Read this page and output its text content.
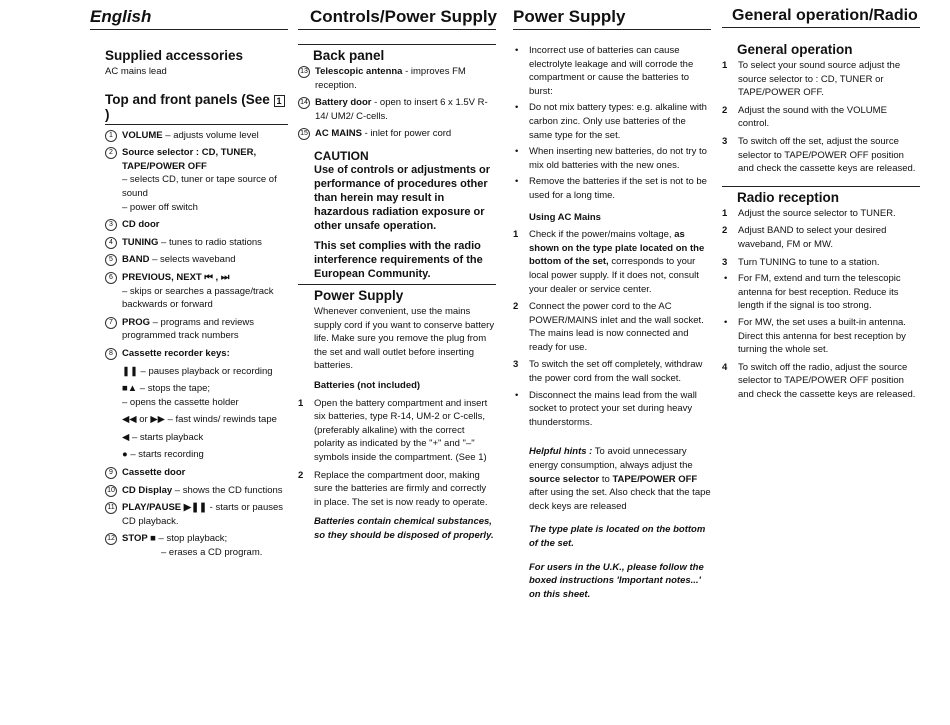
English
Supplied accessories
AC mains lead
Top and front panels (See 1)
1 VOLUME – adjusts volume level
2 Source selector : CD, TUNER, TAPE/POWER OFF
– selects CD, tuner or tape source of sound
– power off switch
3 CD door
4 TUNING – tunes to radio stations
5 BAND – selects waveband
6 PREVIOUS, NEXT ⏮ , ⏭
– skips or searches a passage/track backwards or forward
7 PROG – programs and reviews programmed track numbers
8 Cassette recorder keys:
❚❚ – pauses playback or recording
■▲ – stops the tape;
– opens the cassette holder
◀◀ or ▶▶ – fast winds/ rewinds tape
◀ – starts playback
● – starts recording
9 Cassette door
10 CD Display – shows the CD functions
11 PLAY/PAUSE ▶❚❚ - starts or pauses CD playback.
12 STOP ■ – stop playback;
– erases a CD program.
Controls/Power Supply
Back panel
13 Telescopic antenna - improves FM reception.
14 Battery door - open to insert 6 x 1.5V R-14/ UM2/ C-cells.
15 AC MAINS - inlet for power cord
CAUTION
Use of controls or adjustments or performance of procedures other than herein may result in hazardous radiation exposure or other unsafe operation.
This set complies with the radio interference requirements of the European Community.
Power Supply
Whenever convenient, use the mains supply cord if you want to conserve battery life. Make sure you remove the plug from the set and wall outlet before inserting batteries.
Batteries (not included)
1 Open the battery compartment and insert six batteries, type R-14, UM-2 or C-cells, (preferably alkaline) with the correct polarity as indicated by the "+" and "–" symbols inside the compartment. (See 1)
2 Replace the compartment door, making sure the batteries are firmly and correctly in place. The set is now ready to operate.
Batteries contain chemical substances, so they should be disposed of properly.
Power Supply
• Incorrect use of batteries can cause electrolyte leakage and will corrode the compartment or cause the batteries to burst:
• Do not mix battery types: e.g. alkaline with carbon zinc. Only use batteries of the same type for the set.
• When inserting new batteries, do not try to mix old batteries with the new ones.
• Remove the batteries if the set is not to be used for a long time.
Using AC Mains
1 Check if the power/mains voltage, as shown on the type plate located on the bottom of the set, corresponds to your local power supply. If it does not, consult your dealer or service center.
2 Connect the power cord to the AC POWER/MAINS inlet and the wall socket. The mains lead is now connected and ready for use.
3 To switch the set off completely, withdraw the power cord from the wall socket.
• Disconnect the mains lead from the wall socket to protect your set during heavy thunderstorms.
Helpful hints : To avoid unnecessary energy consumption, always adjust the source selector to TAPE/POWER OFF after using the set. Also check that the tape deck keys are released
The type plate is located on the bottom of the set.
For users in the U.K., please follow the boxed instructions 'Important notes...' on this sheet.
General operation/Radio
General operation
1 To select your sound source adjust the source selector to : CD, TUNER or TAPE/POWER OFF.
2 Adjust the sound with the VOLUME control.
3 To switch off the set, adjust the source selector to TAPE/POWER OFF position and check the cassette keys are released.
Radio reception
1 Adjust the source selector to TUNER.
2 Adjust BAND to select your desired waveband, FM or MW.
3 Turn TUNING to tune to a station.
• For FM, extend and turn the telescopic antenna for best reception. Reduce its length if the signal is too strong.
• For MW, the set uses a built-in antenna. Direct this antenna for best reception by turning the whole set.
4 To switch off the radio, adjust the source selector to TAPE/POWER OFF position and check the cassette keys are released.
